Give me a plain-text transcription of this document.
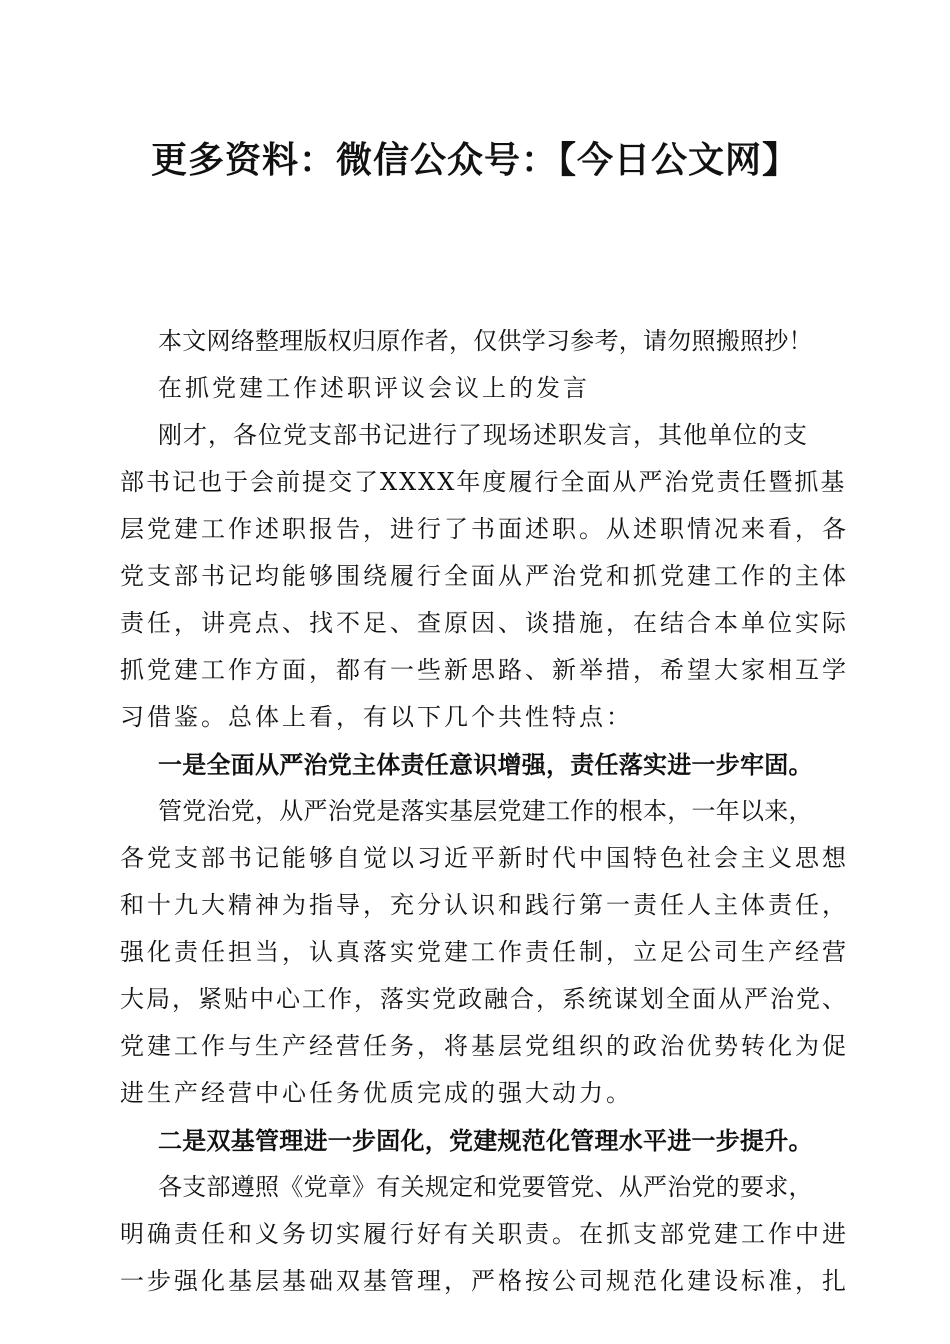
更多资料：微信公众号：【今日公文网】
本文网络整理版权归原作者，仅供学习参考，请勿照搬照抄！
在抓党建工作述职评议会议上的发言
刚才，各位党支部书记进行了现场述职发言，其他单位的支
部书记也于会前提交了XXXX年度履行全面从严治党责任暨抓基
层党建工作述职报告，进行了书面述职。从述职情况来看，各
党支部书记均能够围绕履行全面从严治党和抓党建工作的主体
责任，讲亮点、找不足、查原因、谈措施，在结合本单位实际
抓党建工作方面，都有一些新思路、新举措，希望大家相互学
习借鉴。总体上看，有以下几个共性特点：
一是全面从严治党主体责任意识增强，责任落实进一步牢固。
管党治党，从严治党是落实基层党建工作的根本，一年以来，
各党支部书记能够自觉以习近平新时代中国特色社会主义思想
和十九大精神为指导，充分认识和践行第一责任人主体责任，
强化责任担当，认真落实党建工作责任制，立足公司生产经营
大局，紧贴中心工作，落实党政融合，系统谋划全面从严治党、
党建工作与生产经营任务，将基层党组织的政治优势转化为促
进生产经营中心任务优质完成的强大动力。
二是双基管理进一步固化，党建规范化管理水平进一步提升。
各支部遵照《党章》有关规定和党要管党、从严治党的要求，
明确责任和义务切实履行好有关职责。在抓支部党建工作中进
一步强化基层基础双基管理，严格按公司规范化建设标准，扎
